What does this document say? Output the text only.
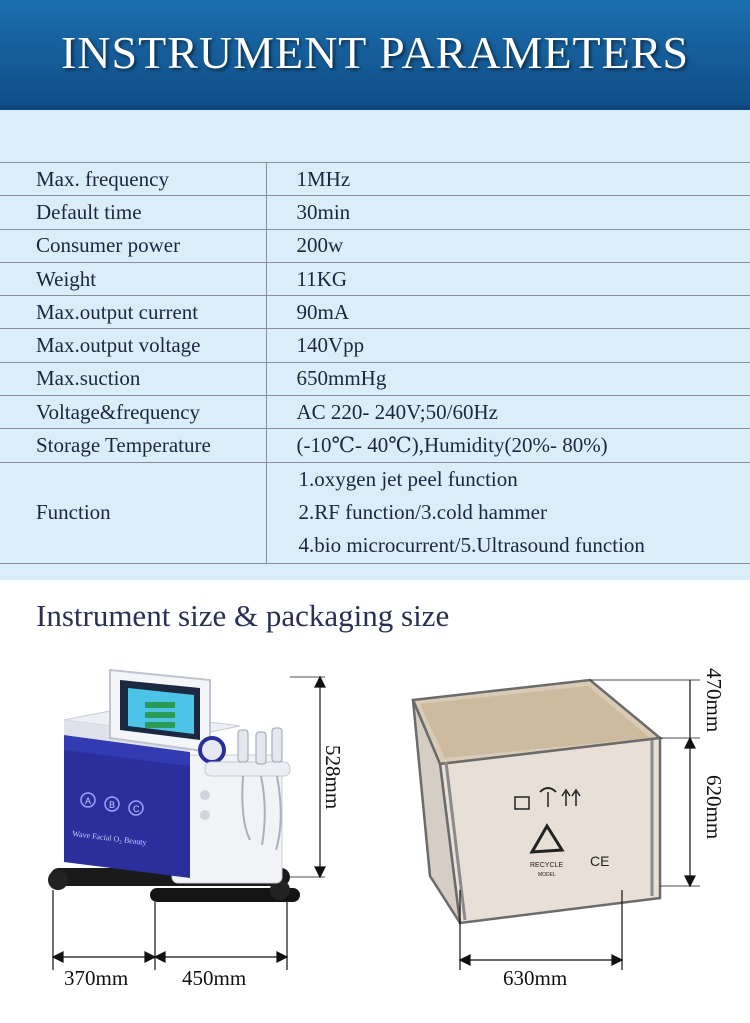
INSTRUMENT PARAMETERS
Max. frequency	1MHz
Default time	30min
Consumer power	200w
Weight	11KG
Max.output current	90mA
Max.output voltage	140Vpp
Max.suction	650mmHg
Voltage&frequency	AC 220- 240V;50/60Hz
Storage Temperature	(-10℃- 40℃),Humidity(20%- 80%)
Function	1.oxygen jet peel function
2.RF function/3.cold hammer
4.bio microcurrent/5.Ultrasound function
Instrument size & packaging size
A B C
Wave Facial O₂ Beauty
RECYCLE
MODEL
CE
528mm
370mm	450mm
470mm
620mm
630mm
